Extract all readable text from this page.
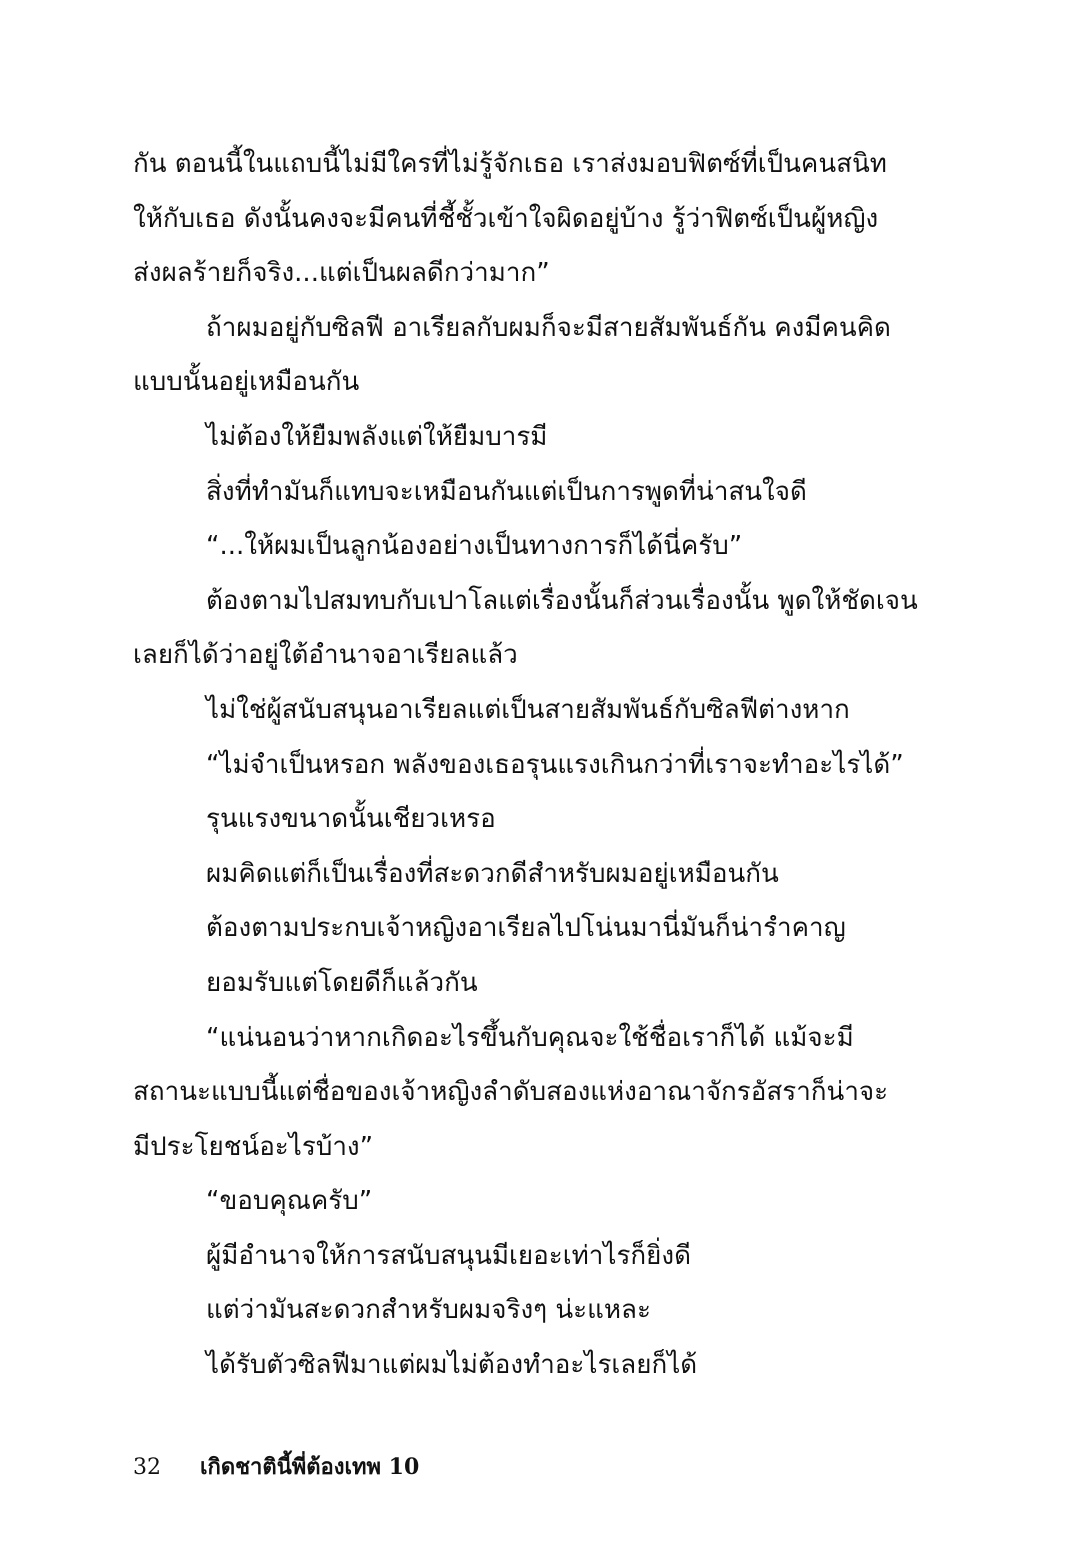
กัน ตอนนี้ในแถบนี้ไม่มีใครที่ไม่รู้จักเธอ เราส่งมอบฟิตซ์ที่เป็นคนสนิท
ให้กับเธอ ดังนั้นคงจะมีคนที่ชี้ชั้วเข้าใจผิดอยู่บ้าง รู้ว่าฟิตซ์เป็นผู้หญิง
ส่งผลร้ายก็จริง...แต่เป็นผลดีกว่ามาก”
ถ้าผมอยู่กับซิลฟี อาเรียลกับผมก็จะมีสายสัมพันธ์กัน คงมีคนคิด
แบบนั้นอยู่เหมือนกัน
ไม่ต้องให้ยืมพลังแต่ให้ยืมบารมี
สิ่งที่ทำมันก็แทบจะเหมือนกันแต่เป็นการพูดที่น่าสนใจดี
“...ให้ผมเป็นลูกน้องอย่างเป็นทางการก็ได้นี่ครับ”
ต้องตามไปสมทบกับเปาโลแต่เรื่องนั้นก็ส่วนเรื่องนั้น พูดให้ชัดเจน
เลยก็ได้ว่าอยู่ใต้อำนาจอาเรียลแล้ว
ไม่ใช่ผู้สนับสนุนอาเรียลแต่เป็นสายสัมพันธ์กับซิลฟีต่างหาก
“ไม่จำเป็นหรอก พลังของเธอรุนแรงเกินกว่าที่เราจะทำอะไรได้”
รุนแรงขนาดนั้นเชียวเหรอ
ผมคิดแต่ก็เป็นเรื่องที่สะดวกดีสำหรับผมอยู่เหมือนกัน
ต้องตามประกบเจ้าหญิงอาเรียลไปโน่นมานี่มันก็น่ารำคาญ
ยอมรับแต่โดยดีก็แล้วกัน
“แน่นอนว่าหากเกิดอะไรขึ้นกับคุณจะใช้ชื่อเราก็ได้ แม้จะมี
สถานะแบบนี้แต่ชื่อของเจ้าหญิงลำดับสองแห่งอาณาจักรอัสราก็น่าจะ
มีประโยชน์อะไรบ้าง”
“ขอบคุณครับ”
ผู้มีอำนาจให้การสนับสนุนมีเยอะเท่าไรก็ยิ่งดี
แต่ว่ามันสะดวกสำหรับผมจริงๆ น่ะแหละ
ได้รับตัวซิลฟีมาแต่ผมไม่ต้องทำอะไรเลยก็ได้
32 เกิดชาตินี้พี่ต้องเทพ 10
